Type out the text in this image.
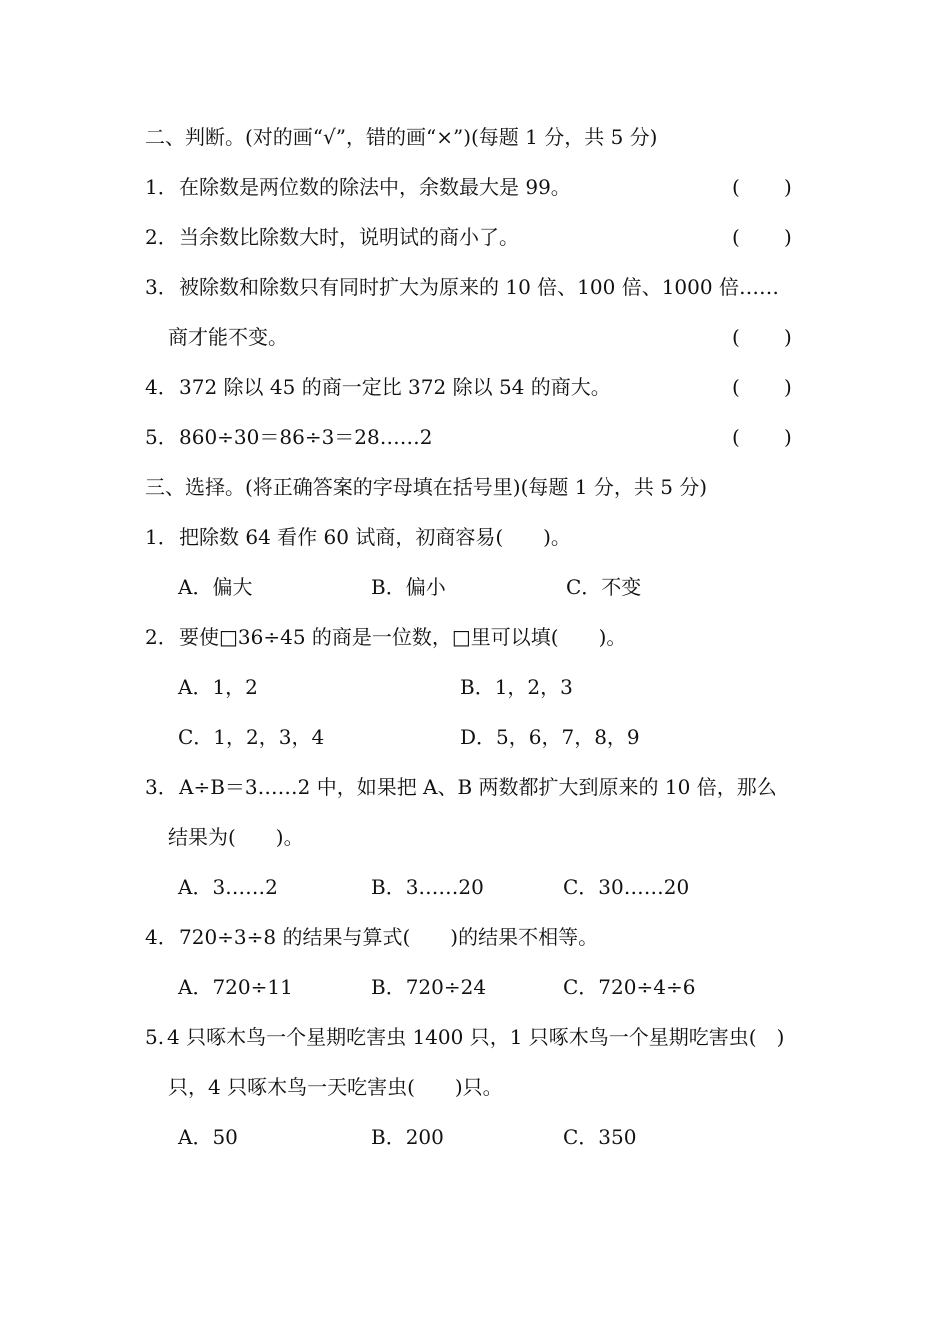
二、判断。(对的画“√”，错的画“×”)(每题 1 分，共 5 分)
1． 在除数是两位数的除法中，余数最大是 99。	( )
2． 当余数比除数大时，说明试的商小了。	( )
3． 被除数和除数只有同时扩大为原来的 10 倍、100 倍、1000 倍……
商才能不变。	( )
4． 372 除以 45 的商一定比 372 除以 54 的商大。	( )
5． 860÷30＝86÷3＝28……2	( )
三、选择。(将正确答案的字母填在括号里)(每题 1 分，共 5 分)
1． 把除数 64 看作 60 试商，初商容易(　　)。
A．偏大	B．偏小	C．不变
2． 要使□36÷45 的商是一位数，□里可以填(　　)。
A．1，2	B．1，2，3
C．1，2，3，4	D．5，6，7，8，9
3． A÷B＝3……2 中，如果把 A、B 两数都扩大到原来的 10 倍，那么
结果为(　　)。
A．3……2	B．3……20	C．30……20
4． 720÷3÷8 的结果与算式(　　)的结果不相等。
A．720÷11	B．720÷24	C．720÷4÷6
5. 4 只啄木鸟一个星期吃害虫 1400 只，1 只啄木鸟一个星期吃害虫(　)
只，4 只啄木鸟一天吃害虫(　　)只。
A．50	B．200	C．350
